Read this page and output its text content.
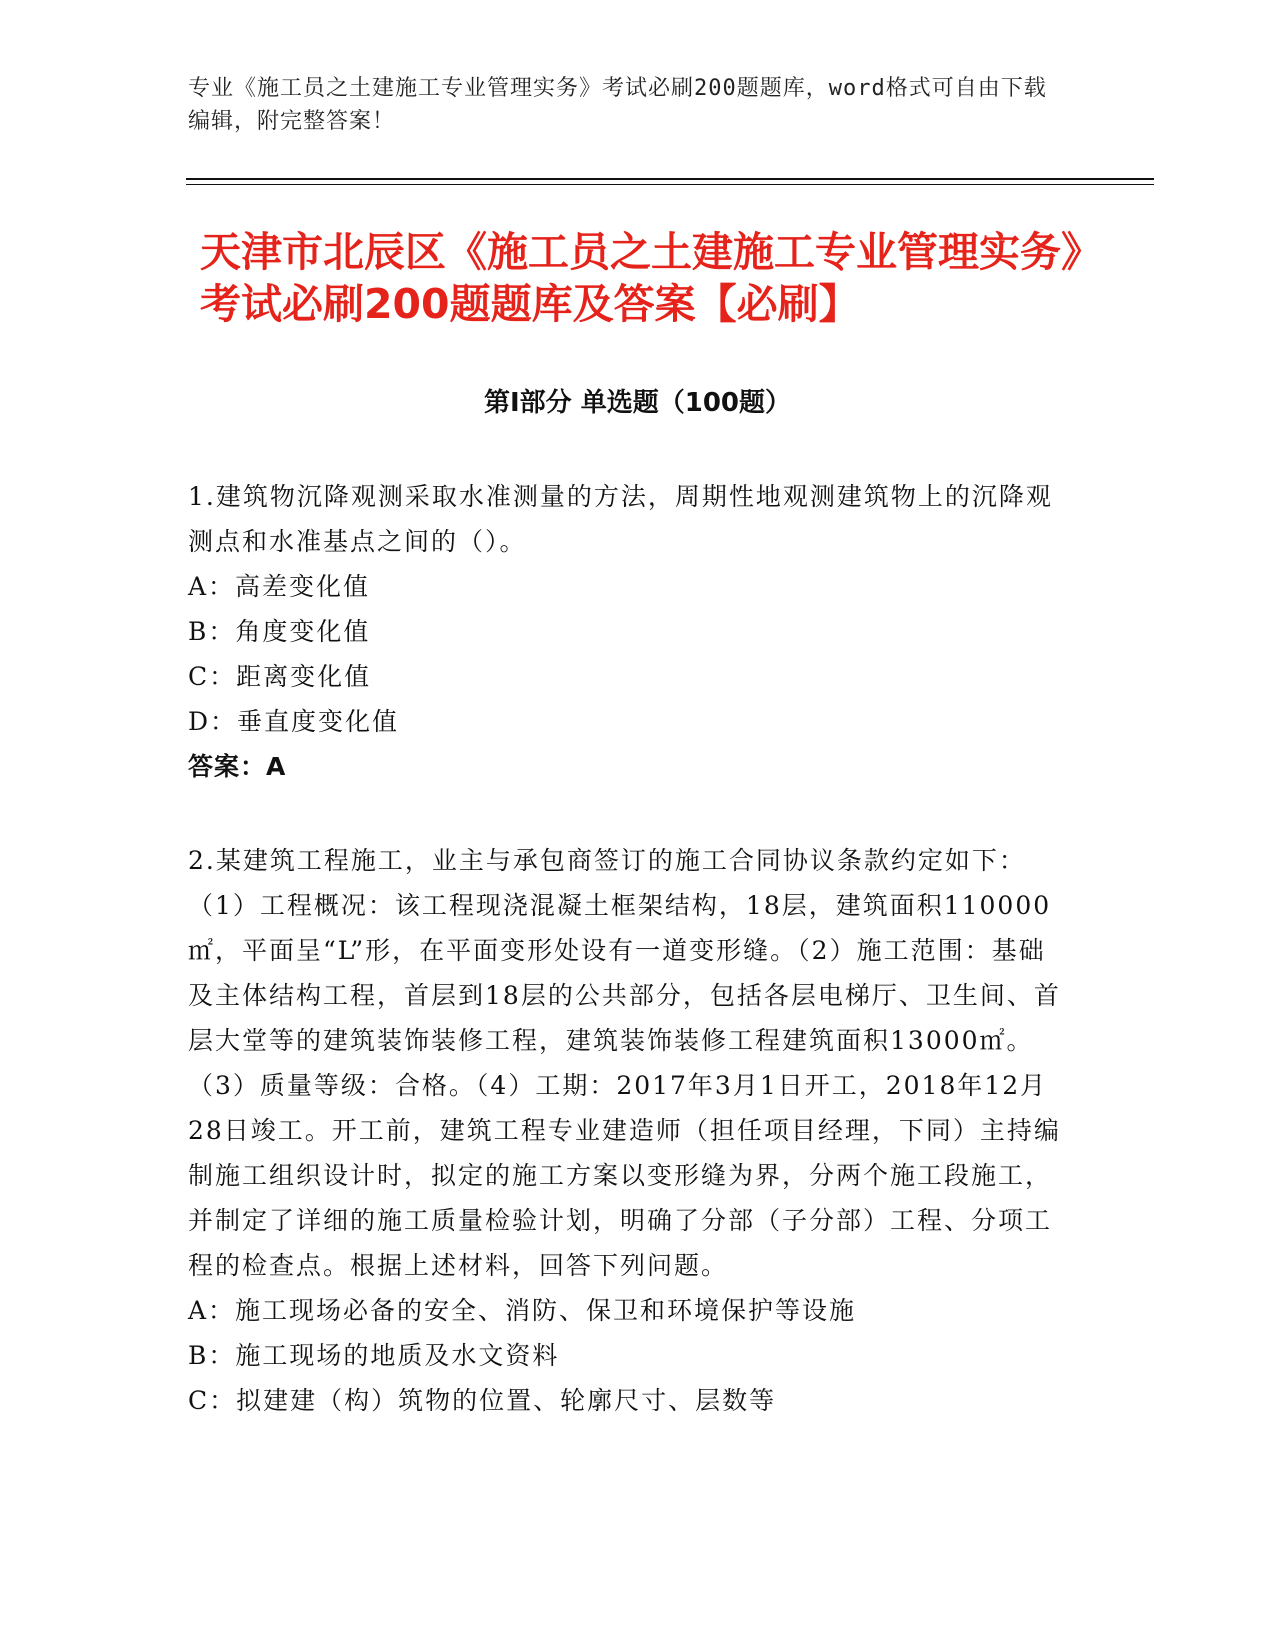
专业《施工员之土建施工专业管理实务》考试必刷200题题库，word格式可自由下载编辑，附完整答案！
天津市北辰区《施工员之土建施工专业管理实务》考试必刷200题题库及答案【必刷】
第I部分 单选题（100题）
1.建筑物沉降观测采取水准测量的方法，周期性地观测建筑物上的沉降观测点和水准基点之间的（）。
A：高差变化值
B：角度变化值
C：距离变化值
D：垂直度变化值
答案：A
2.某建筑工程施工，业主与承包商签订的施工合同协议条款约定如下：（1）工程概况：该工程现浇混凝土框架结构，18层，建筑面积110000㎡，平面呈“L”形，在平面变形处设有一道变形缝。（2）施工范围：基础及主体结构工程，首层到18层的公共部分，包括各层电梯厅、卫生间、首层大堂等的建筑装饰装修工程，建筑装饰装修工程建筑面积13000㎡。（3）质量等级：合格。（4）工期：2017年3月1日开工，2018年12月28日竣工。开工前，建筑工程专业建造师（担任项目经理，下同）主持编制施工组织设计时，拟定的施工方案以变形缝为界，分两个施工段施工，并制定了详细的施工质量检验计划，明确了分部（子分部）工程、分项工程的检查点。根据上述材料，回答下列问题。
A：施工现场必备的安全、消防、保卫和环境保护等设施
B：施工现场的地质及水文资料
C：拟建建（构）筑物的位置、轮廓尺寸、层数等
